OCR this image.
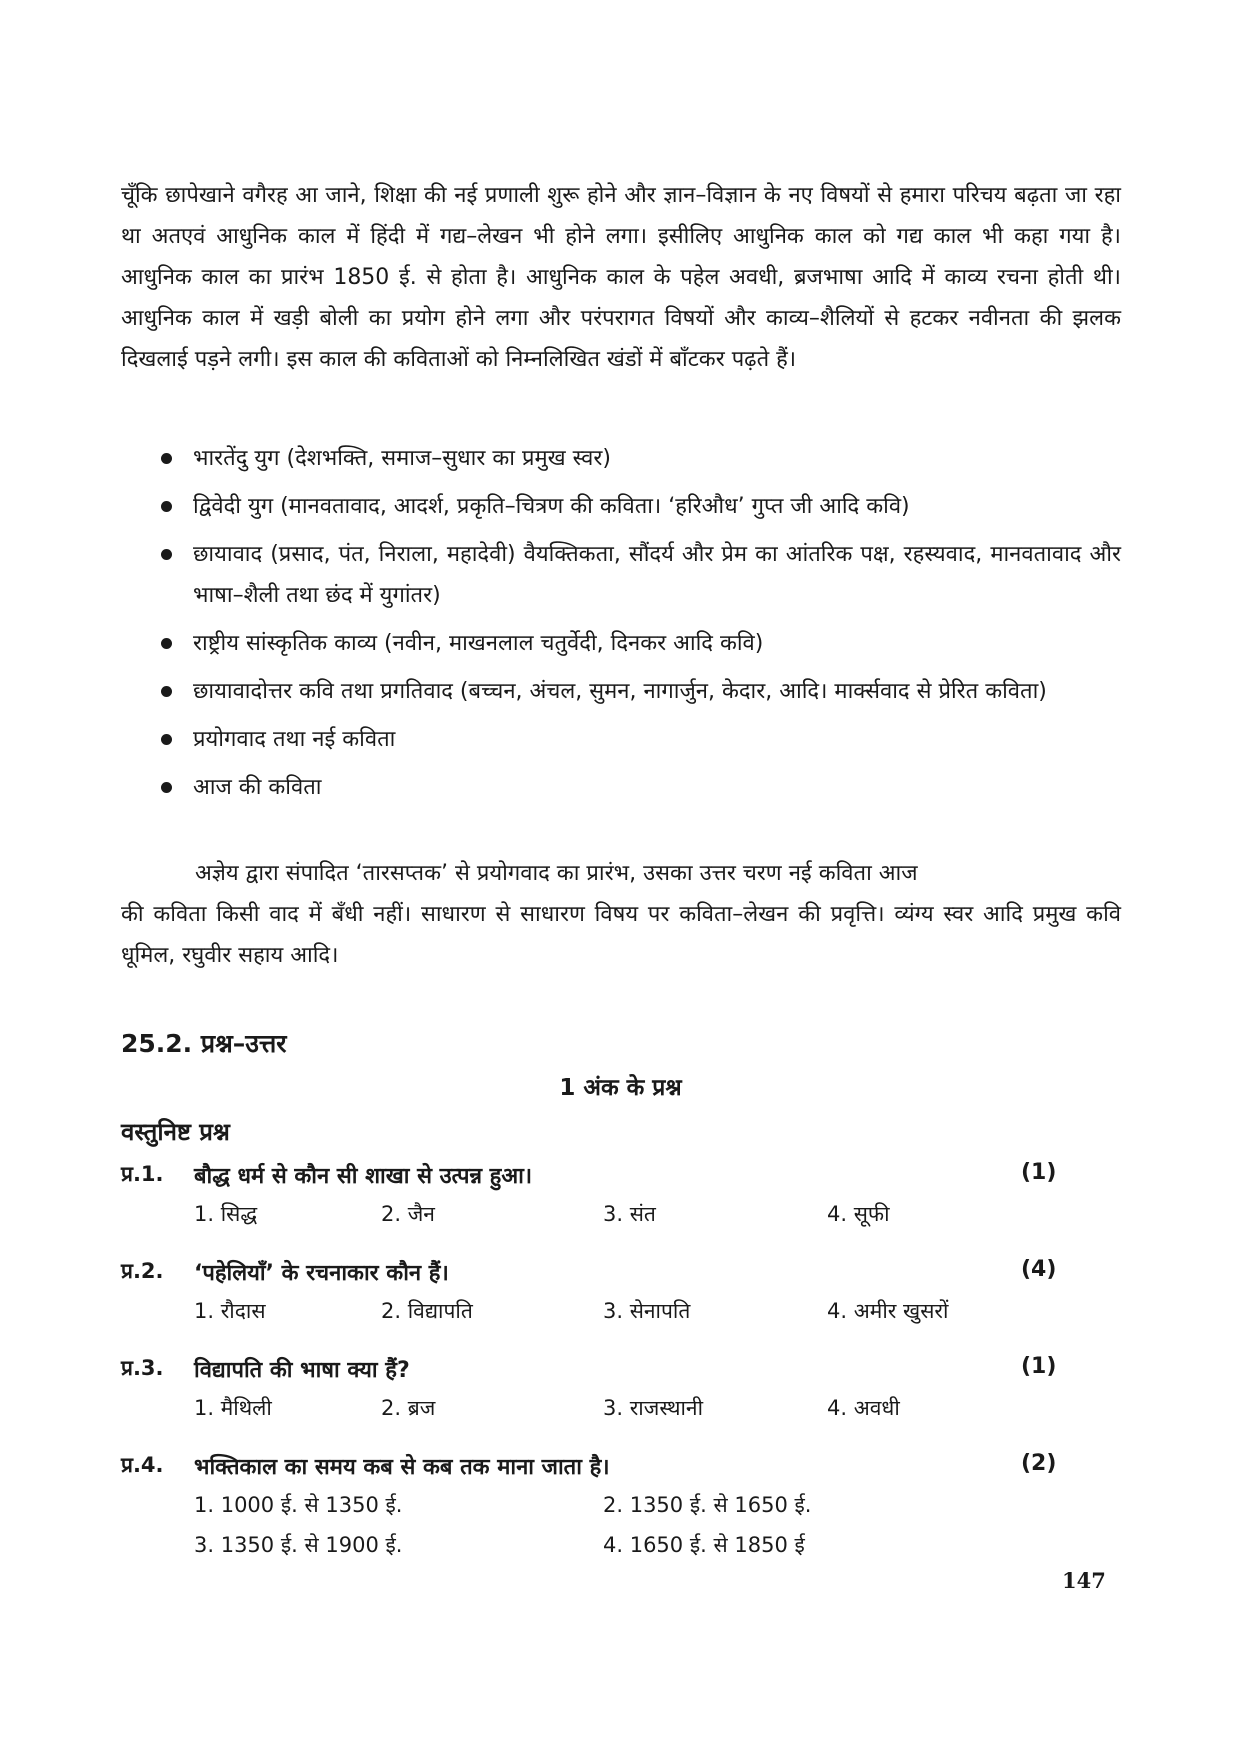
चूँकि छापेखाने वगैरह आ जाने, शिक्षा की नई प्रणाली शुरू होने और ज्ञान–विज्ञान के नए विषयों से हमारा परिचय बढ़ता जा रहा था अतएवं आधुनिक काल में हिंदी में गद्य–लेखन भी होने लगा। इसीलिए आधुनिक काल को गद्य काल भी कहा गया है। आधुनिक काल का प्रारंभ 1850 ई. से होता है। आधुनिक काल के पहेल अवधी, ब्रजभाषा आदि में काव्य रचना होती थी। आधुनिक काल में खड़ी बोली का प्रयोग होने लगा और परंपरागत विषयों और काव्य–शैलियों से हटकर नवीनता की झलक दिखलाई पड़ने लगी। इस काल की कविताओं को निम्नलिखित खंडों में बाँटकर पढ़ते हैं।
भारतेंदु युग (देशभक्ति, समाज–सुधार का प्रमुख स्वर)
द्विवेदी युग (मानवतावाद, आदर्श, प्रकृति–चित्रण की कविता। ‘हरिऔध’ गुप्त जी आदि कवि)
छायावाद (प्रसाद, पंत, निराला, महादेवी) वैयक्तिकता, सौंदर्य और प्रेम का आंतरिक पक्ष, रहस्यवाद, मानवतावाद और भाषा–शैली तथा छंद में युगांतर)
राष्ट्रीय सांस्कृतिक काव्य (नवीन, माखनलाल चतुर्वेदी, दिनकर आदि कवि)
छायावादोत्तर कवि तथा प्रगतिवाद (बच्चन, अंचल, सुमन, नागार्जुन, केदार, आदि। मार्क्सवाद से प्रेरित कविता)
प्रयोगवाद तथा नई कविता
आज की कविता
अज्ञेय द्वारा संपादित ‘तारसप्तक’ से प्रयोगवाद का प्रारंभ, उसका उत्तर चरण नई कविता आज
की कविता किसी वाद में बँधी नहीं। साधारण से साधारण विषय पर कविता–लेखन की प्रवृत्ति। व्यंग्य स्वर आदि प्रमुख कवि धूमिल, रघुवीर सहाय आदि।
25.2. प्रश्न–उत्तर
1 अंक के प्रश्न
वस्तुनिष्ट प्रश्न
प्र.1. बौद्ध धर्म से कौन सी शाखा से उत्पन्न हुआ।	(1)
1. सिद्ध	2. जैन	3. संत	4. सूफी
प्र.2. ‘पहेलियाँ’ के रचनाकार कौन हैं।	(4)
1. रौदास	2. विद्यापति	3. सेनापति	4. अमीर खुसरों
प्र.3. विद्यापति की भाषा क्या हैं?	(1)
1. मैथिली	2. ब्रज	3. राजस्थानी	4. अवधी
प्र.4. भक्तिकाल का समय कब से कब तक माना जाता है।	(2)
1. 1000 ई. से 1350 ई.	2. 1350 ई. से 1650 ई.
3. 1350 ई. से 1900 ई.	4. 1650 ई. से 1850 ई
147
